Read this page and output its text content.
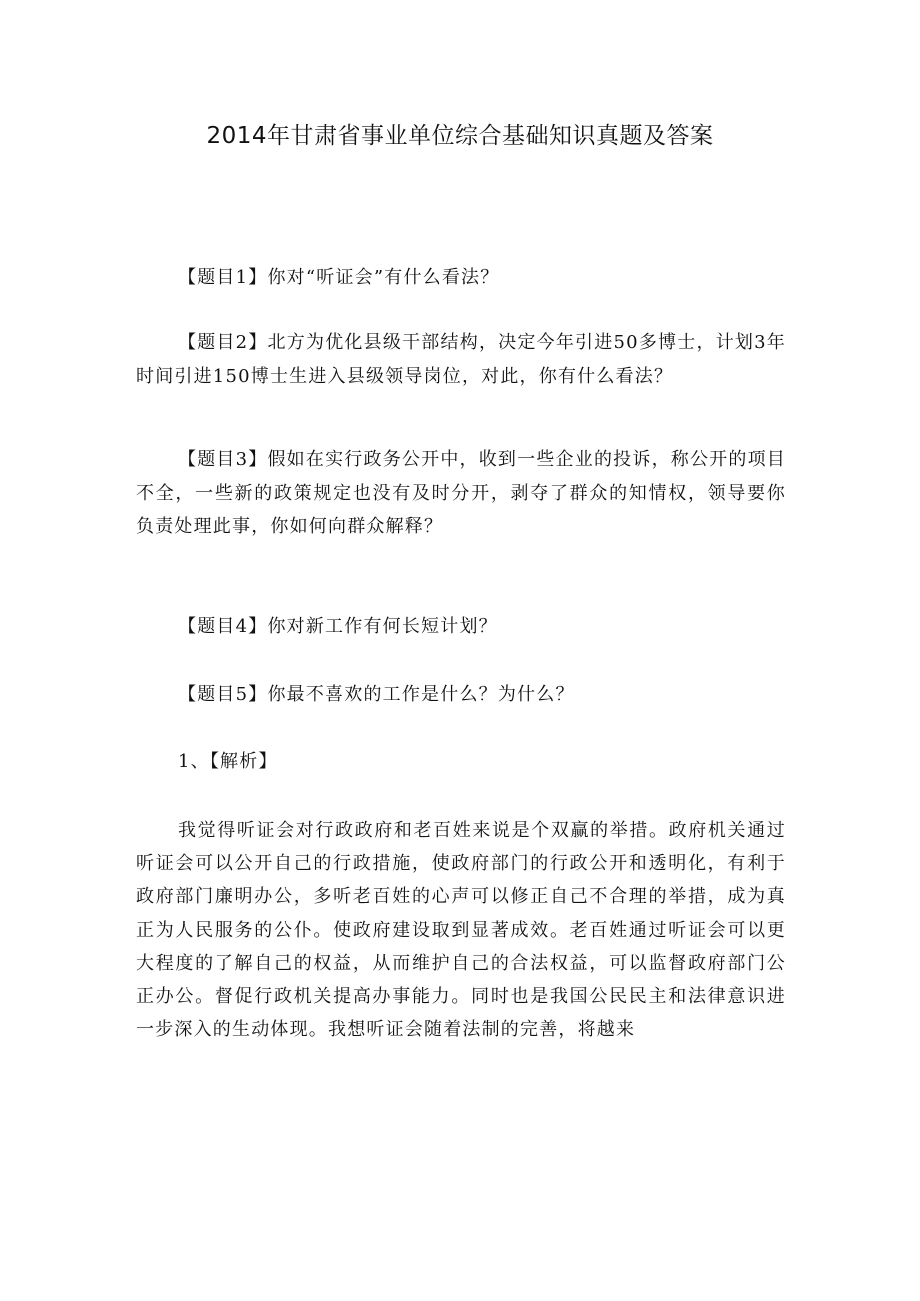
2014年甘肃省事业单位综合基础知识真题及答案

【题目1】你对“听证会”有什么看法？

【题目2】北方为优化县级干部结构，决定今年引进50多博士，计划3年时间引进150博士生进入县级领导岗位，对此，你有什么看法？

【题目3】假如在实行政务公开中，收到一些企业的投诉，称公开的项目不全，一些新的政策规定也没有及时分开，剥夺了群众的知情权，领导要你负责处理此事，你如何向群众解释？

【题目4】你对新工作有何长短计划？

【题目5】你最不喜欢的工作是什么？为什么？

1、【解析】

我觉得听证会对行政政府和老百姓来说是个双赢的举措。政府机关通过听证会可以公开自己的行政措施，使政府部门的行政公开和透明化，有利于政府部门廉明办公，多听老百姓的心声可以修正自己不合理的举措，成为真正为人民服务的公仆。使政府建设取到显著成效。老百姓通过听证会可以更大程度的了解自己的权益，从而维护自己的合法权益，可以监督政府部门公正办公。督促行政机关提高办事能力。同时也是我国公民民主和法律意识进一步深入的生动体现。我想听证会随着法制的完善，将越来
